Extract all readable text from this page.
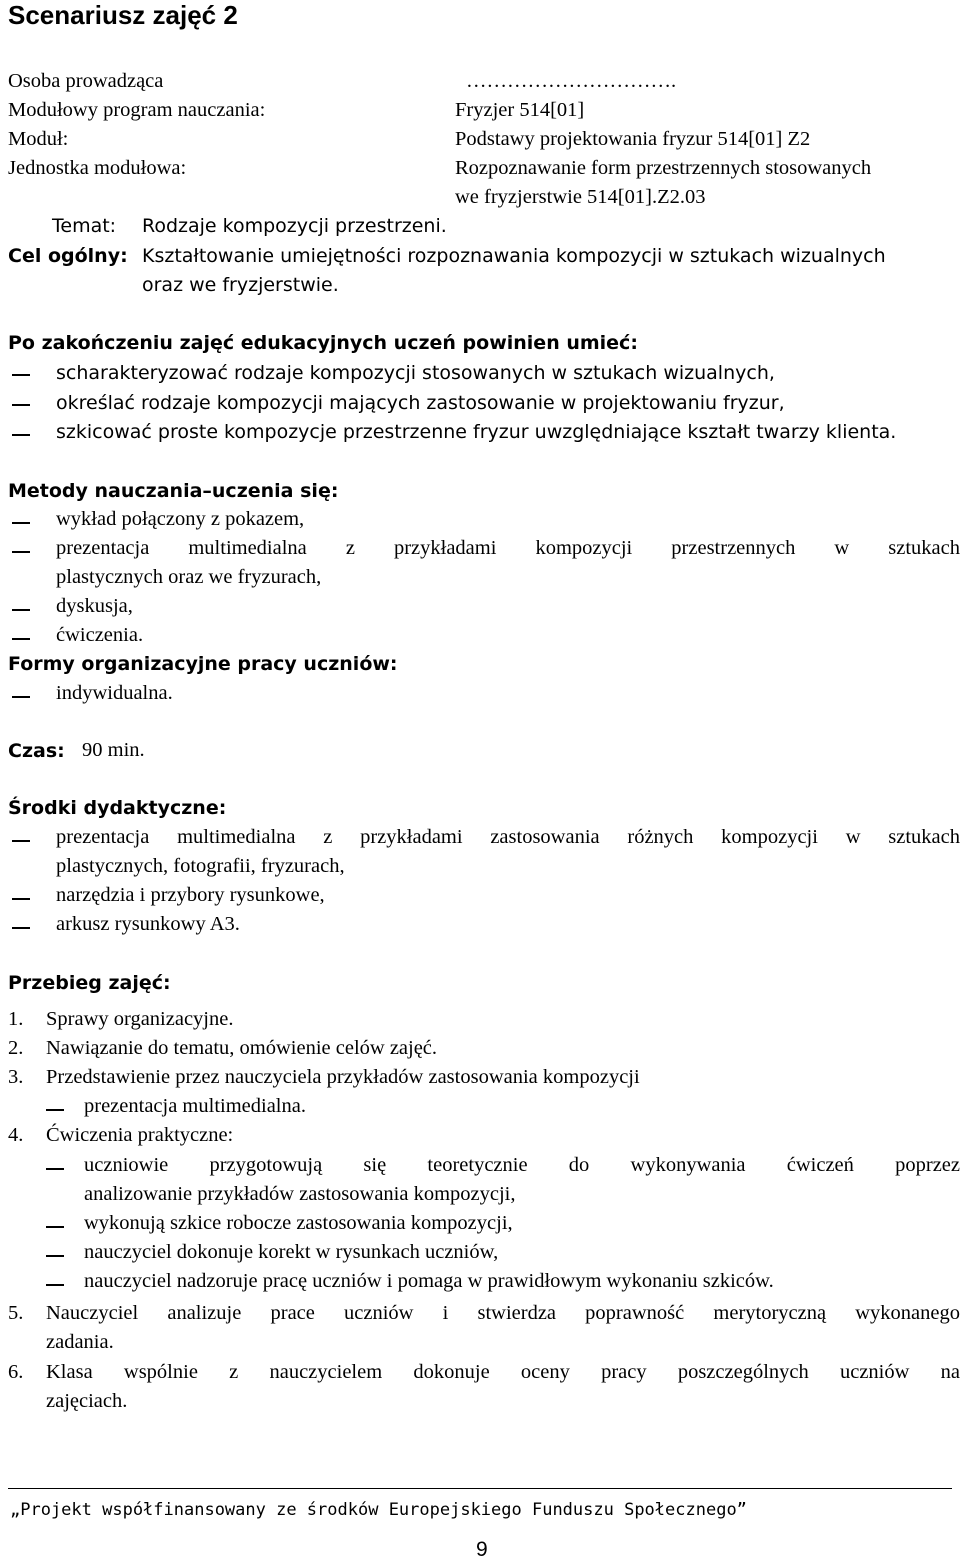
Scenariusz zajęć 2
Osoba prowadząca	………………………….
Modułowy program nauczania:	Fryzjer 514[01]
Moduł:	Podstawy projektowania fryzur 514[01] Z2
Jednostka modułowa:	Rozpoznawanie form przestrzennych stosowanych
we fryzjerstwie 514[01].Z2.03
Temat: Rodzaje kompozycji przestrzeni.
Cel ogólny: Kształtowanie umiejętności rozpoznawania kompozycji w sztukach wizualnych
oraz we fryzjerstwie.
Po zakończeniu zajęć edukacyjnych uczeń powinien umieć:
scharakteryzować rodzaje kompozycji stosowanych w sztukach wizualnych,
określać rodzaje kompozycji mających zastosowanie w projektowaniu fryzur,
szkicować proste kompozycje przestrzenne fryzur uwzględniające kształt twarzy klienta.
Metody nauczania–uczenia się:
wykład połączony z pokazem,
prezentacja multimedialna z przykładami kompozycji przestrzennych w sztukach
plastycznych oraz we fryzurach,
dyskusja,
ćwiczenia.
Formy organizacyjne pracy uczniów:
indywidualna.
Czas: 90 min.
Środki dydaktyczne:
prezentacja multimedialna z przykładami zastosowania różnych kompozycji w sztukach
plastycznych, fotografii, fryzurach,
narzędzia i przybory rysunkowe,
arkusz rysunkowy A3.
Przebieg zajęć:
1. Sprawy organizacyjne.
2. Nawiązanie do tematu, omówienie celów zajęć.
3. Przedstawienie przez nauczyciela przykładów zastosowania kompozycji
prezentacja multimedialna.
4. Ćwiczenia praktyczne:
uczniowie przygotowują się teoretycznie do wykonywania ćwiczeń poprzez
analizowanie przykładów zastosowania kompozycji,
wykonują szkice robocze zastosowania kompozycji,
nauczyciel dokonuje korekt w rysunkach uczniów,
nauczyciel nadzoruje pracę uczniów i pomaga w prawidłowym wykonaniu szkiców.
5. Nauczyciel analizuje prace uczniów i stwierdza poprawność merytoryczną wykonanego
zadania.
6. Klasa wspólnie z nauczycielem dokonuje oceny pracy poszczególnych uczniów na
zajęciach.
„Projekt współfinansowany ze środków Europejskiego Funduszu Społecznego”
9
